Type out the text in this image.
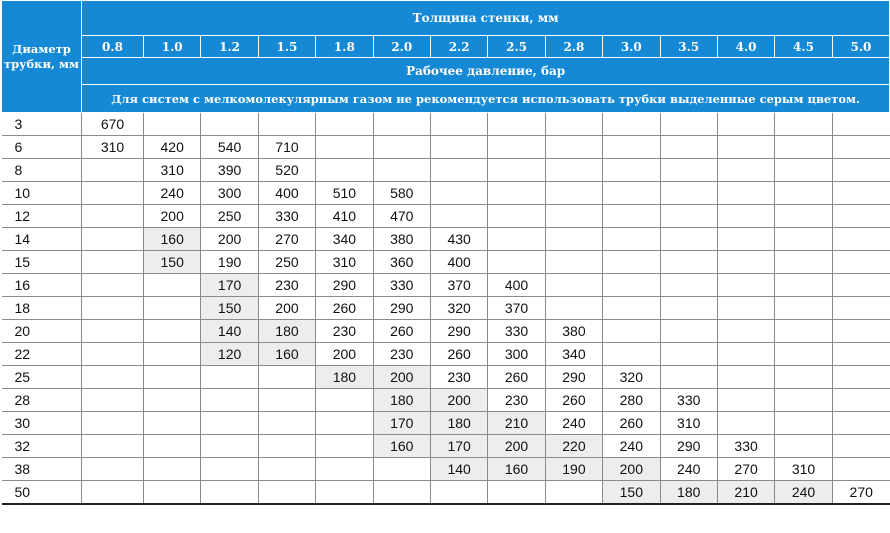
Диаметр трубки, мм	Толщина стенки, мм													
	0.8	1.0	1.2	1.5	1.8	2.0	2.2	2.5	2.8	3.0	3.5	4.0	4.5	5.0
	Рабочее давление, бар													
	Для систем с мелкомолекулярным газом не рекомендуется использовать трубки выделенные серым цветом.													
3	670													
6	310	420	540	710										
8		310	390	520										
10		240	300	400	510	580								
12		200	250	330	410	470								
14		160	200	270	340	380	430							
15		150	190	250	310	360	400							
16			170	230	290	330	370	400						
18			150	200	260	290	320	370						
20			140	180	230	260	290	330	380					
22			120	160	200	230	260	300	340					
25					180	200	230	260	290	320				
28						180	200	230	260	280	330			
30						170	180	210	240	260	310			
32						160	170	200	220	240	290	330		
38							140	160	190	200	240	270	310	
50										150	180	210	240	270
